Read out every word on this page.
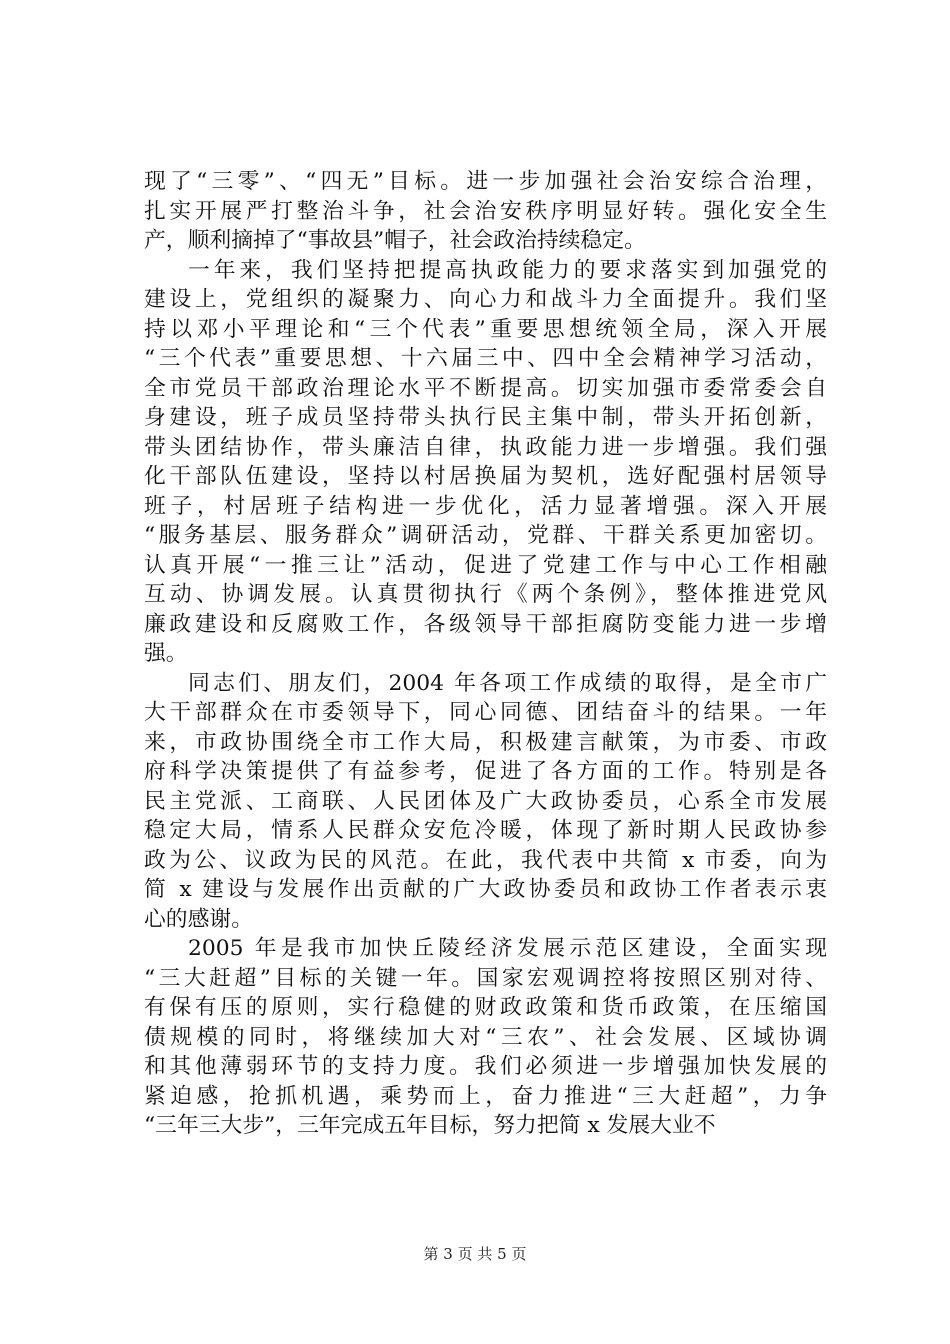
现了“三零”、“四无”目标。进一步加强社会治安综合治理，
扎实开展严打整治斗争，社会治安秩序明显好转。强化安全生
产，顺利摘掉了“事故县”帽子，社会政治持续稳定。
一年来，我们坚持把提高执政能力的要求落实到加强党的
建设上，党组织的凝聚力、向心力和战斗力全面提升。我们坚
持以邓小平理论和“三个代表”重要思想统领全局，深入开展
“三个代表”重要思想、十六届三中、四中全会精神学习活动，
全市党员干部政治理论水平不断提高。切实加强市委常委会自
身建设，班子成员坚持带头执行民主集中制，带头开拓创新，
带头团结协作，带头廉洁自律，执政能力进一步增强。我们强
化干部队伍建设，坚持以村居换届为契机，选好配强村居领导
班子，村居班子结构进一步优化，活力显著增强。深入开展
“服务基层、服务群众”调研活动，党群、干群关系更加密切。
认真开展“一推三让”活动，促进了党建工作与中心工作相融
互动、协调发展。认真贯彻执行《两个条例》，整体推进党风
廉政建设和反腐败工作，各级领导干部拒腐防变能力进一步增
强。
同志们、朋友们，2004 年各项工作成绩的取得，是全市广
大干部群众在市委领导下，同心同德、团结奋斗的结果。一年
来，市政协围绕全市工作大局，积极建言献策，为市委、市政
府科学决策提供了有益参考，促进了各方面的工作。特别是各
民主党派、工商联、人民团体及广大政协委员，心系全市发展
稳定大局，情系人民群众安危冷暖，体现了新时期人民政协参
政为公、议政为民的风范。在此，我代表中共简 x 市委，向为
简 x 建设与发展作出贡献的广大政协委员和政协工作者表示衷
心的感谢。
2005 年是我市加快丘陵经济发展示范区建设，全面实现
“三大赶超”目标的关键一年。国家宏观调控将按照区别对待、
有保有压的原则，实行稳健的财政政策和货币政策，在压缩国
债规模的同时，将继续加大对“三农”、社会发展、区域协调
和其他薄弱环节的支持力度。我们必须进一步增强加快发展的
紧迫感，抢抓机遇，乘势而上，奋力推进“三大赶超”，力争
“三年三大步”，三年完成五年目标，努力把简 x 发展大业不
第 3 页 共 5 页
